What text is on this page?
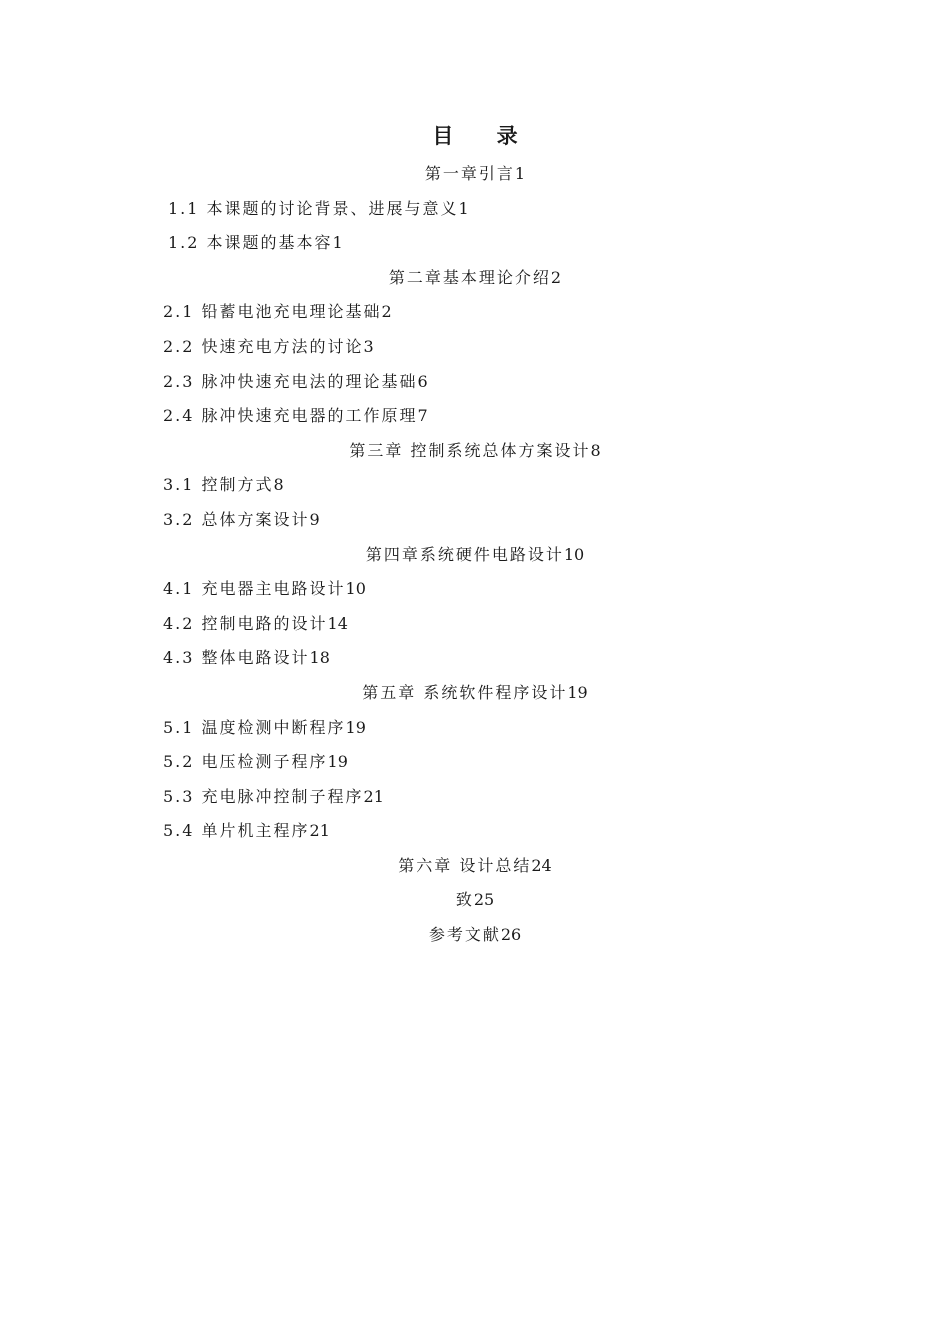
目 录
第一章引言1
1.1 本课题的讨论背景、进展与意义1
1.2 本课题的基本容1
第二章基本理论介绍2
2.1 铅蓄电池充电理论基础2
2.2 快速充电方法的讨论3
2.3 脉冲快速充电法的理论基础6
2.4 脉冲快速充电器的工作原理7
第三章 控制系统总体方案设计8
3.1 控制方式8
3.2 总体方案设计9
第四章系统硬件电路设计10
4.1 充电器主电路设计10
4.2 控制电路的设计14
4.3 整体电路设计18
第五章 系统软件程序设计19
5.1 温度检测中断程序19
5.2 电压检测子程序19
5.3 充电脉冲控制子程序21
5.4 单片机主程序21
第六章 设计总结24
致25
参考文献26
